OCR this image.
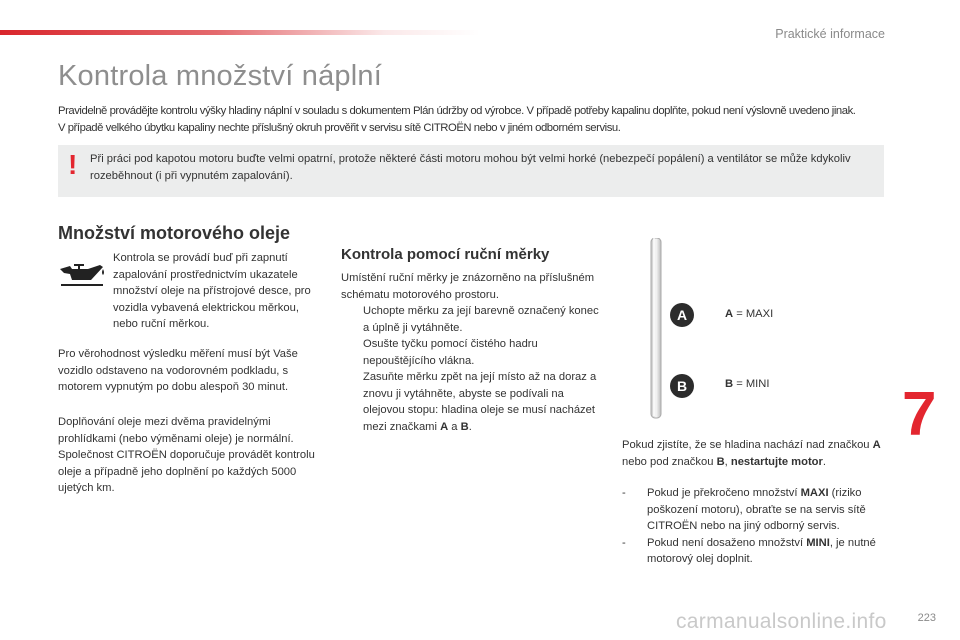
Praktické informace
Kontrola množství náplní

Pravidelně provádějte kontrolu výšky hladiny náplní v souladu s dokumentem Plán údržby od výrobce. V případě potřeby kapalinu doplňte, pokud není výslovně uvedeno jinak.
V případě velkého úbytku kapaliny nechte příslušný okruh prověřit v servisu sítě CITROËN nebo v jiném odborném servisu.

! Při práci pod kapotou motoru buďte velmi opatrní, protože některé části motoru mohou být velmi horké (nebezpečí popálení) a ventilátor se může kdykoliv rozeběhnout (i při vypnutém zapalování).
Množství motorového oleje
Kontrola se provádí buď při zapnutí zapalování prostřednictvím ukazatele množství oleje na přístrojové desce, pro vozidla vybavená elektrickou měrkou, nebo ruční měrkou.

Pro věrohodnost výsledku měření musí být Vaše vozidlo odstaveno na vodorovném podkladu, s motorem vypnutým po dobu alespoň 30 minut.

Doplňování oleje mezi dvěma pravidelnými prohlídkami (nebo výměnami oleje) je normální. Společnost CITROËN doporučuje provádět kontrolu oleje a případně jeho doplnění po každých 5000 ujetých km.

Kontrola pomocí ruční měrky

Umístění ruční měrky je znázorněno na příslušném schématu motorového prostoru.

Uchopte měrku za její barevně označený konec a úplně ji vytáhněte.
Osušte tyčku pomocí čistého hadru nepouštějícího vlákna.
Zasuňte měrku zpět na její místo až na doraz a znovu ji vytáhněte, abyste se podívali na olejovou stopu: hladina oleje se musí nacházet mezi značkami A a B.
A
B
A = MAXI
B = MINI

Pokud zjistíte, že se hladina nachází nad značkou A nebo pod značkou B, nestartujte motor.

- Pokud je překročeno množství MAXI (riziko poškození motoru), obraťte se na servis sítě CITROËN nebo na jiný odborný servis.
- Pokud není dosaženo množství MINI, je nutné motorový olej doplnit.
7
carmanualsonline.info	223
